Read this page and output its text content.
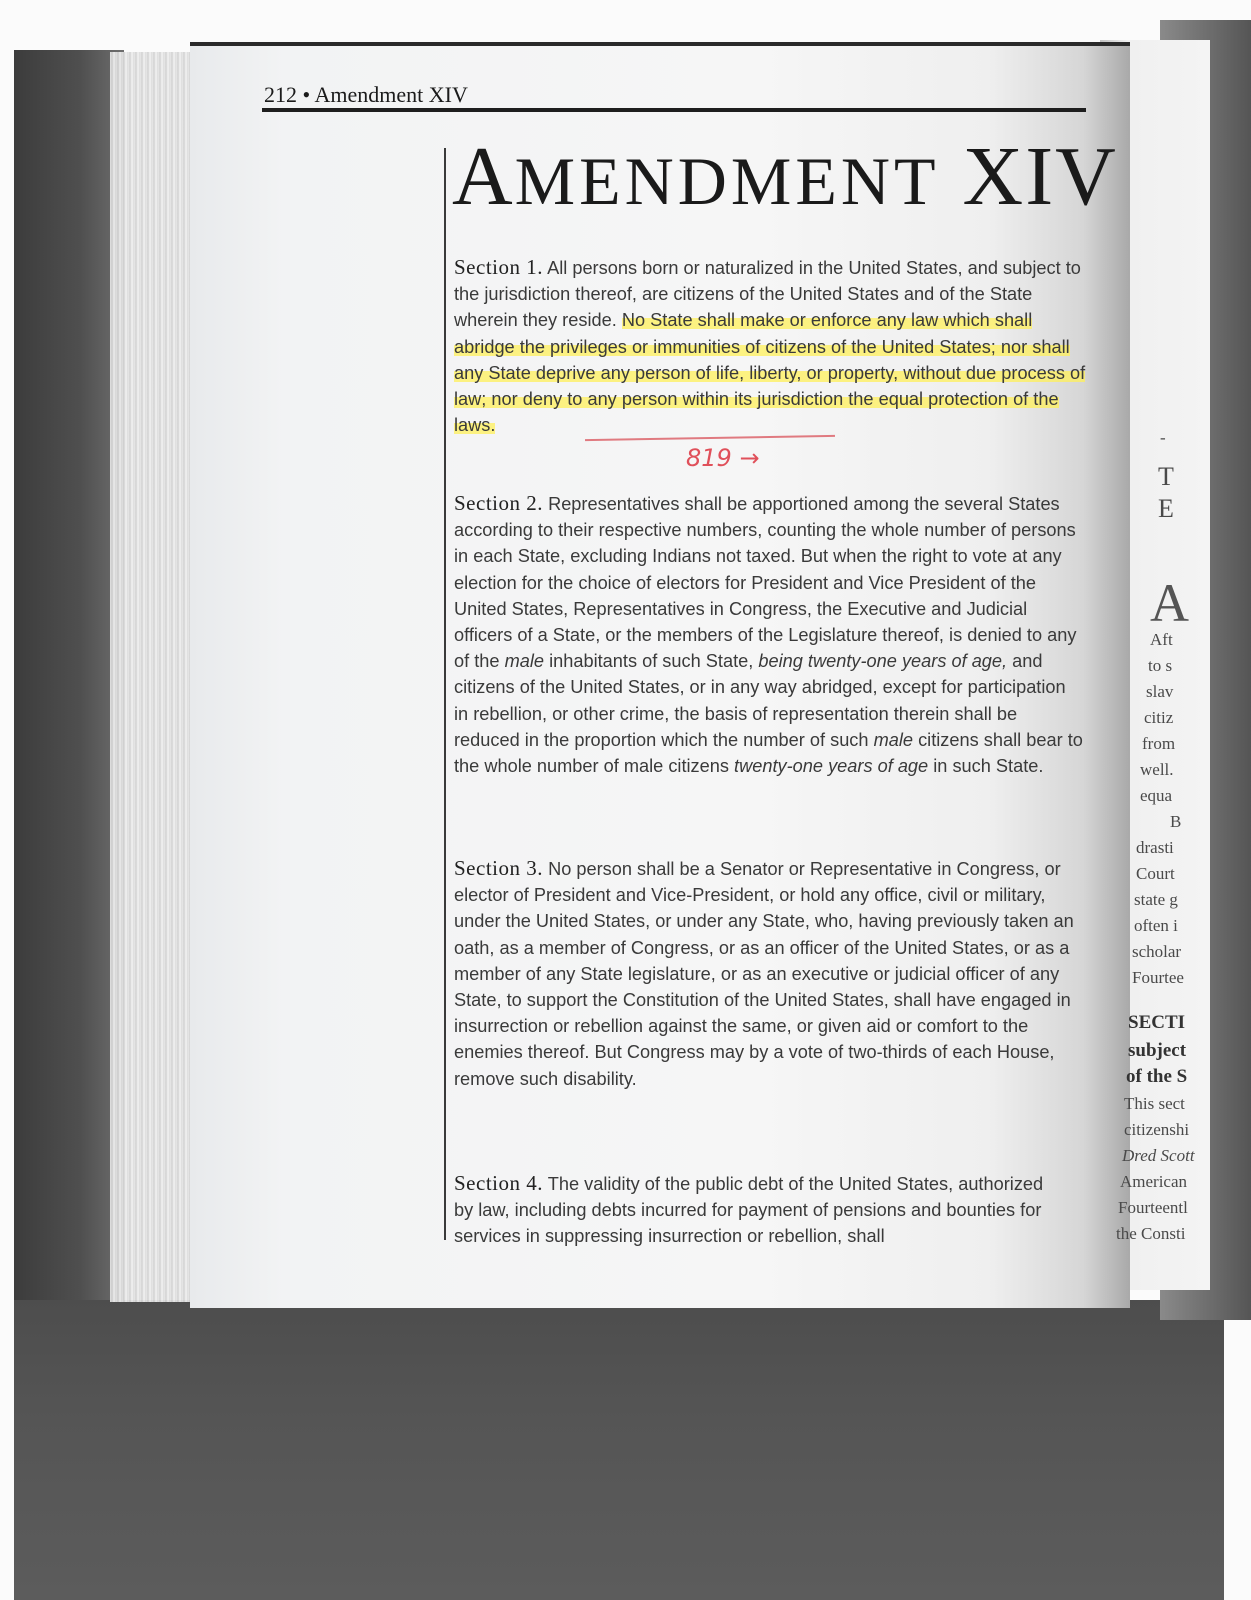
212 • Amendment XIV
AMENDMENT XIV

Section 1. All persons born or naturalized in the United States, and subject to the jurisdiction thereof, are citizens of the United States and of the State wherein they reside. No State shall make or enforce any law which shall abridge the privileges or immunities of citizens of the United States; nor shall any State deprive any person of life, liberty, or property, without due process of law; nor deny to any person within its jurisdiction the equal protection of the laws.

819 →

Section 2. Representatives shall be apportioned among the several States according to their respective numbers, counting the whole number of persons in each State, excluding Indians not taxed. But when the right to vote at any election for the choice of electors for President and Vice President of the United States, Representatives in Congress, the Executive and Judicial officers of a State, or the members of the Legislature thereof, is denied to any of the male inhabitants of such State, being twenty-one years of age, and citizens of the United States, or in any way abridged, except for participation in rebellion, or other crime, the basis of representation therein shall be reduced in the proportion which the number of such male citizens shall bear to the whole number of male citizens twenty-one years of age in such State.

Section 3. No person shall be a Senator or Representative in Congress, or elector of President and Vice-President, or hold any office, civil or military, under the United States, or under any State, who, having previously taken an oath, as a member of Congress, or as an officer of the United States, or as a member of any State legislature, or as an executive or judicial officer of any State, to support the Constitution of the United States, shall have engaged in insurrection or rebellion against the same, or given aid or comfort to the enemies thereof. But Congress may by a vote of two-thirds of each House, remove such disability.

Section 4. The validity of the public debt of the United States, authorized by law, including debts incurred for payment of pensions and bounties for services in suppressing insurrection or rebellion, shall

-
T
E
A
Aft
to s
slav
citiz
from
well.
equa
B
drasti
Court
state g
often i
scholar
Fourtee
SECTI
subject
of the S
This sect
citizenshi
Dred Scott
American
Fourteentl
the Consti
